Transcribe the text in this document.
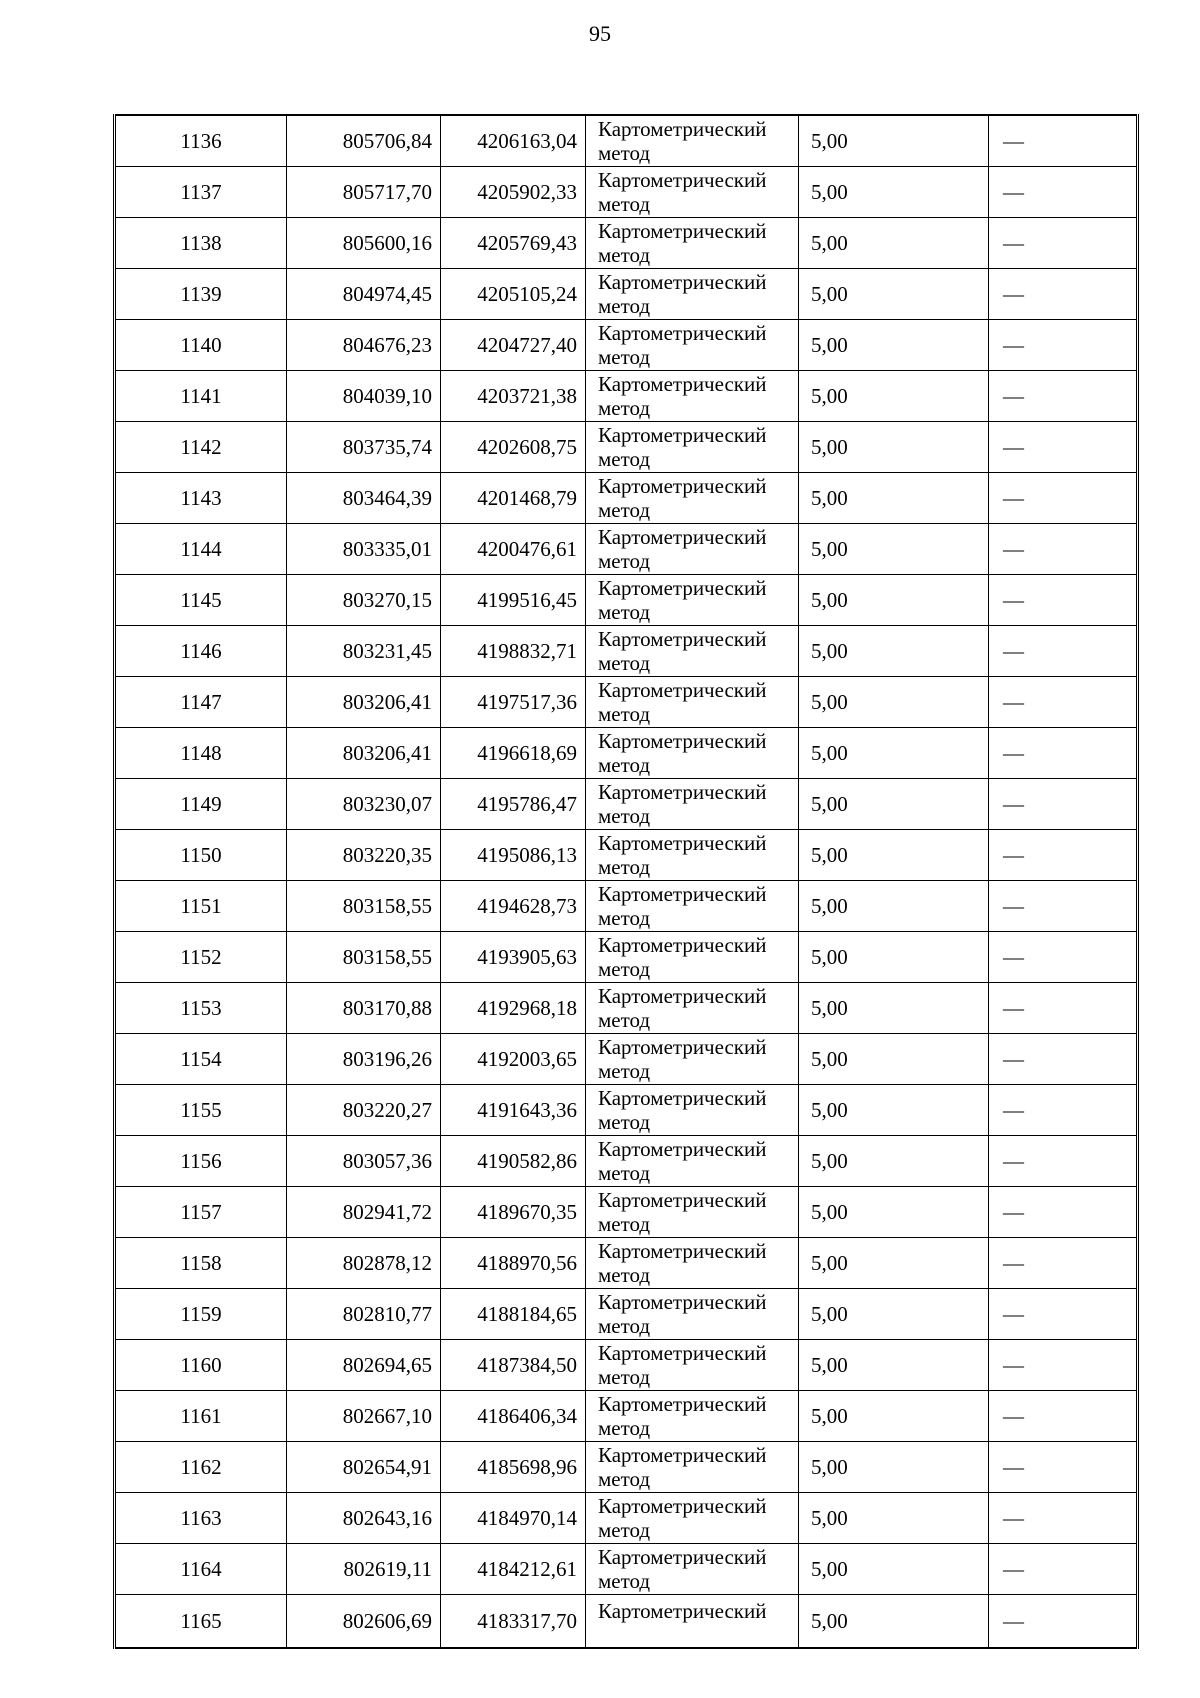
95
1136	805706,84	4206163,04	Картометрический метод	5,00	—
1137	805717,70	4205902,33	Картометрический метод	5,00	—
1138	805600,16	4205769,43	Картометрический метод	5,00	—
1139	804974,45	4205105,24	Картометрический метод	5,00	—
1140	804676,23	4204727,40	Картометрический метод	5,00	—
1141	804039,10	4203721,38	Картометрический метод	5,00	—
1142	803735,74	4202608,75	Картометрический метод	5,00	—
1143	803464,39	4201468,79	Картометрический метод	5,00	—
1144	803335,01	4200476,61	Картометрический метод	5,00	—
1145	803270,15	4199516,45	Картометрический метод	5,00	—
1146	803231,45	4198832,71	Картометрический метод	5,00	—
1147	803206,41	4197517,36	Картометрический метод	5,00	—
1148	803206,41	4196618,69	Картометрический метод	5,00	—
1149	803230,07	4195786,47	Картометрический метод	5,00	—
1150	803220,35	4195086,13	Картометрический метод	5,00	—
1151	803158,55	4194628,73	Картометрический метод	5,00	—
1152	803158,55	4193905,63	Картометрический метод	5,00	—
1153	803170,88	4192968,18	Картометрический метод	5,00	—
1154	803196,26	4192003,65	Картометрический метод	5,00	—
1155	803220,27	4191643,36	Картометрический метод	5,00	—
1156	803057,36	4190582,86	Картометрический метод	5,00	—
1157	802941,72	4189670,35	Картометрический метод	5,00	—
1158	802878,12	4188970,56	Картометрический метод	5,00	—
1159	802810,77	4188184,65	Картометрический метод	5,00	—
1160	802694,65	4187384,50	Картометрический метод	5,00	—
1161	802667,10	4186406,34	Картометрический метод	5,00	—
1162	802654,91	4185698,96	Картометрический метод	5,00	—
1163	802643,16	4184970,14	Картометрический метод	5,00	—
1164	802619,11	4184212,61	Картометрический метод	5,00	—
1165	802606,69	4183317,70	Картометрический	5,00	—
